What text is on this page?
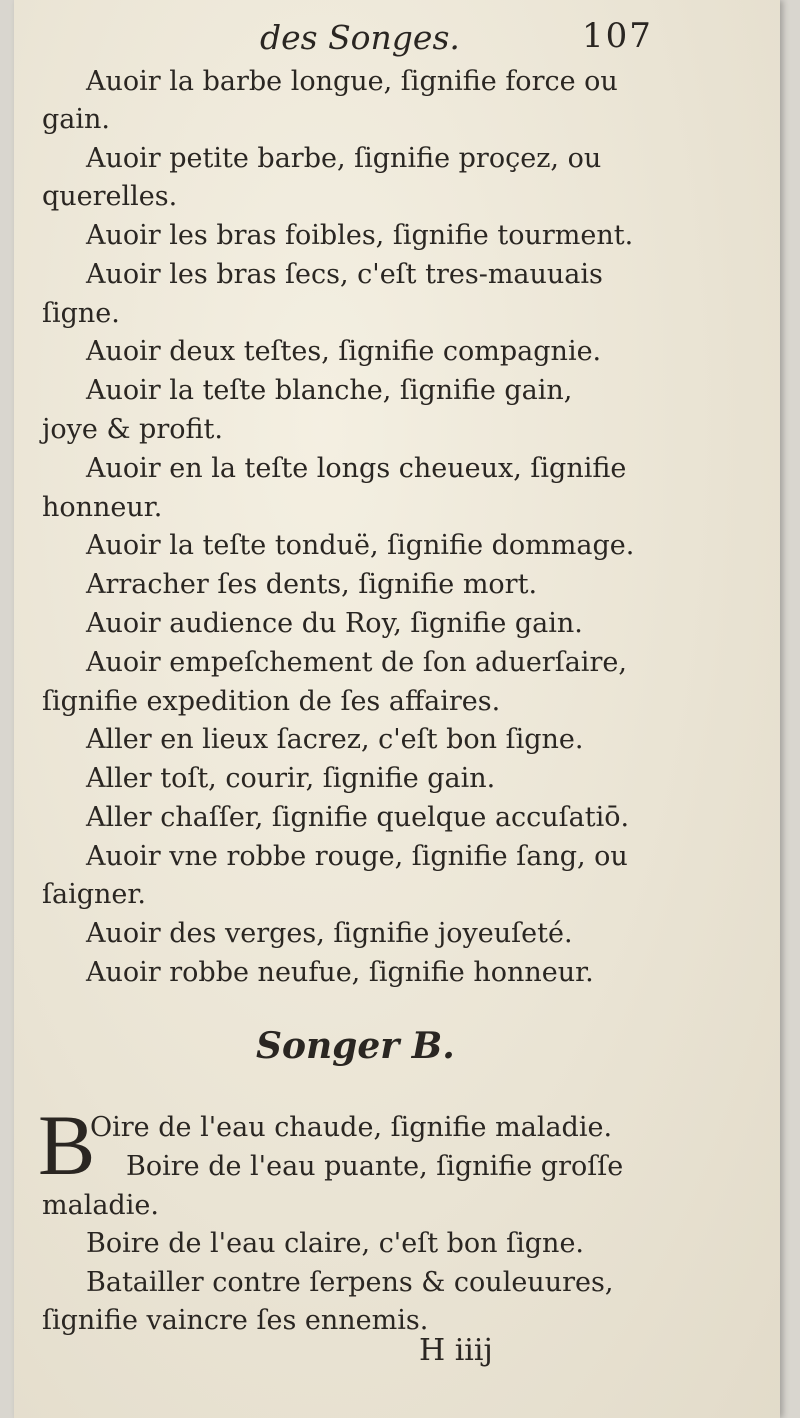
des Songes.	107
Auoir la barbe longue, ſignifie force ou
gain.
Auoir petite barbe, ſignifie proçez, ou
querelles.
Auoir les bras foibles, ſignifie tourment.
Auoir les bras ſecs, c'eſt tres-mauuais
ſigne.
Auoir deux teſtes, ſignifie compagnie.
Auoir la teſte blanche, ſignifie gain,
joye & profit.
Auoir en la teſte longs cheueux, ſignifie
honneur.
Auoir la teſte tonduë, ſignifie dommage.
Arracher ſes dents, ſignifie mort.
Auoir audience du Roy, ſignifie gain.
Auoir empeſchement de ſon aduerſaire,
ſignifie expedition de ſes affaires.
Aller en lieux ſacrez, c'eſt bon ſigne.
Aller toſt, courir, ſignifie gain.
Aller chaſſer, ſignifie quelque accuſatiō.
Auoir vne robbe rouge, ſignifie ſang, ou
ſaigner.
Auoir des verges, ſignifie joyeuſeté.
Auoir robbe neufue, ſignifie honneur.
Songer B.
B
Oire de l'eau chaude, ſignifie maladie.
Boire de l'eau puante, ſignifie groſſe
maladie.
Boire de l'eau claire, c'eſt bon ſigne.
Batailler contre ſerpens & couleuures,
ſignifie vaincre ſes ennemis.
H iiij
